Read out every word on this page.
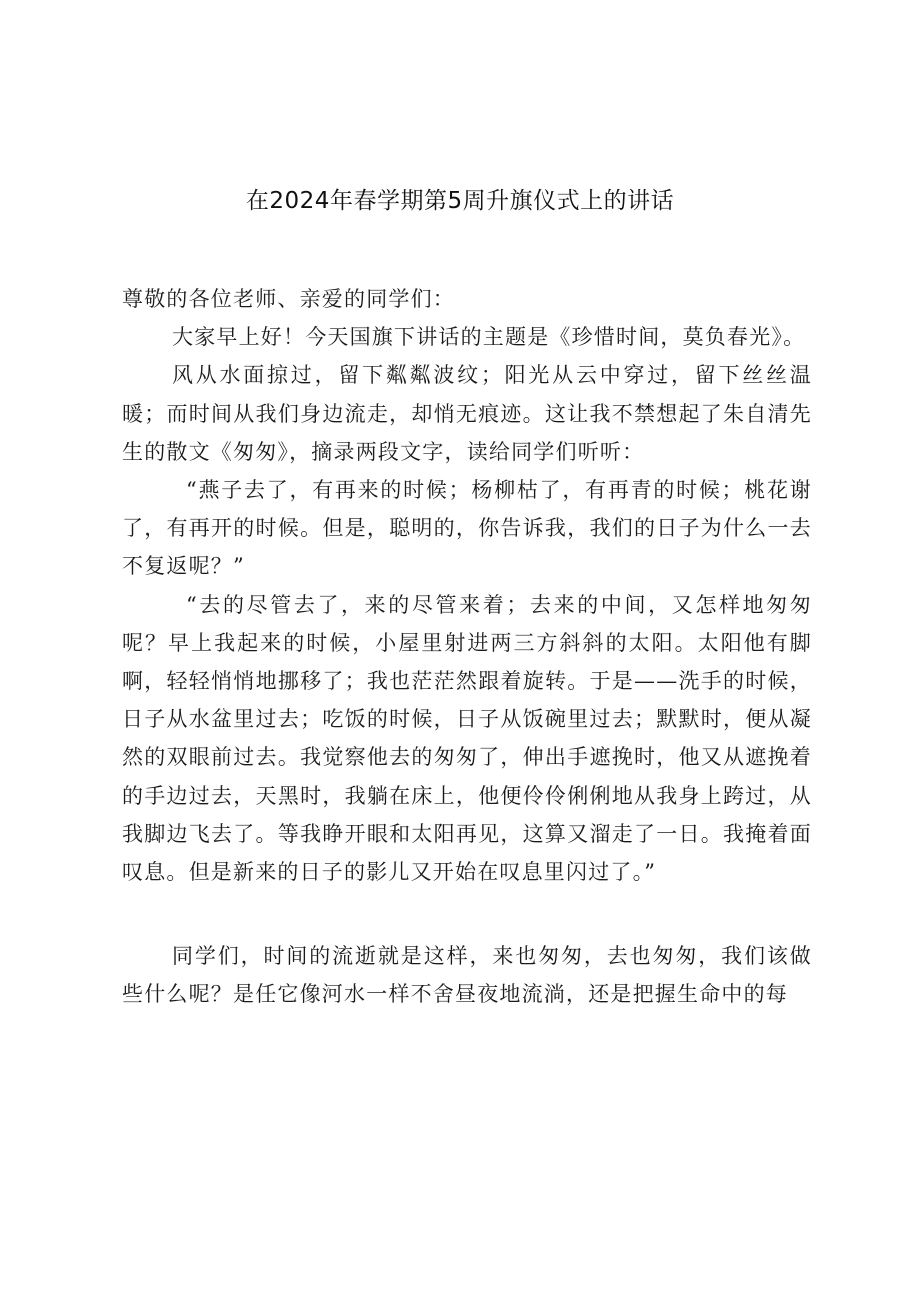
在2024年春学期第5周升旗仪式上的讲话

尊敬的各位老师、亲爱的同学们：

大家早上好！今天国旗下讲话的主题是《珍惜时间，莫负春光》。

风从水面掠过，留下粼粼波纹；阳光从云中穿过，留下丝丝温暖；而时间从我们身边流走，却悄无痕迹。这让我不禁想起了朱自清先生的散文《匆匆》，摘录两段文字，读给同学们听听：

“燕子去了，有再来的时候；杨柳枯了，有再青的时候；桃花谢了，有再开的时候。但是，聪明的，你告诉我，我们的日子为什么一去不复返呢？”

“去的尽管去了，来的尽管来着；去来的中间，又怎样地匆匆呢？早上我起来的时候，小屋里射进两三方斜斜的太阳。太阳他有脚啊，轻轻悄悄地挪移了；我也茫茫然跟着旋转。于是——洗手的时候，日子从水盆里过去；吃饭的时候，日子从饭碗里过去；默默时，便从凝然的双眼前过去。我觉察他去的匆匆了，伸出手遮挽时，他又从遮挽着的手边过去，天黑时，我躺在床上，他便伶伶俐俐地从我身上跨过，从我脚边飞去了。等我睁开眼和太阳再见，这算又溜走了一日。我掩着面叹息。但是新来的日子的影儿又开始在叹息里闪过了。”

同学们，时间的流逝就是这样，来也匆匆，去也匆匆，我们该做些什么呢？是任它像河水一样不舍昼夜地流淌，还是把握生命中的每
